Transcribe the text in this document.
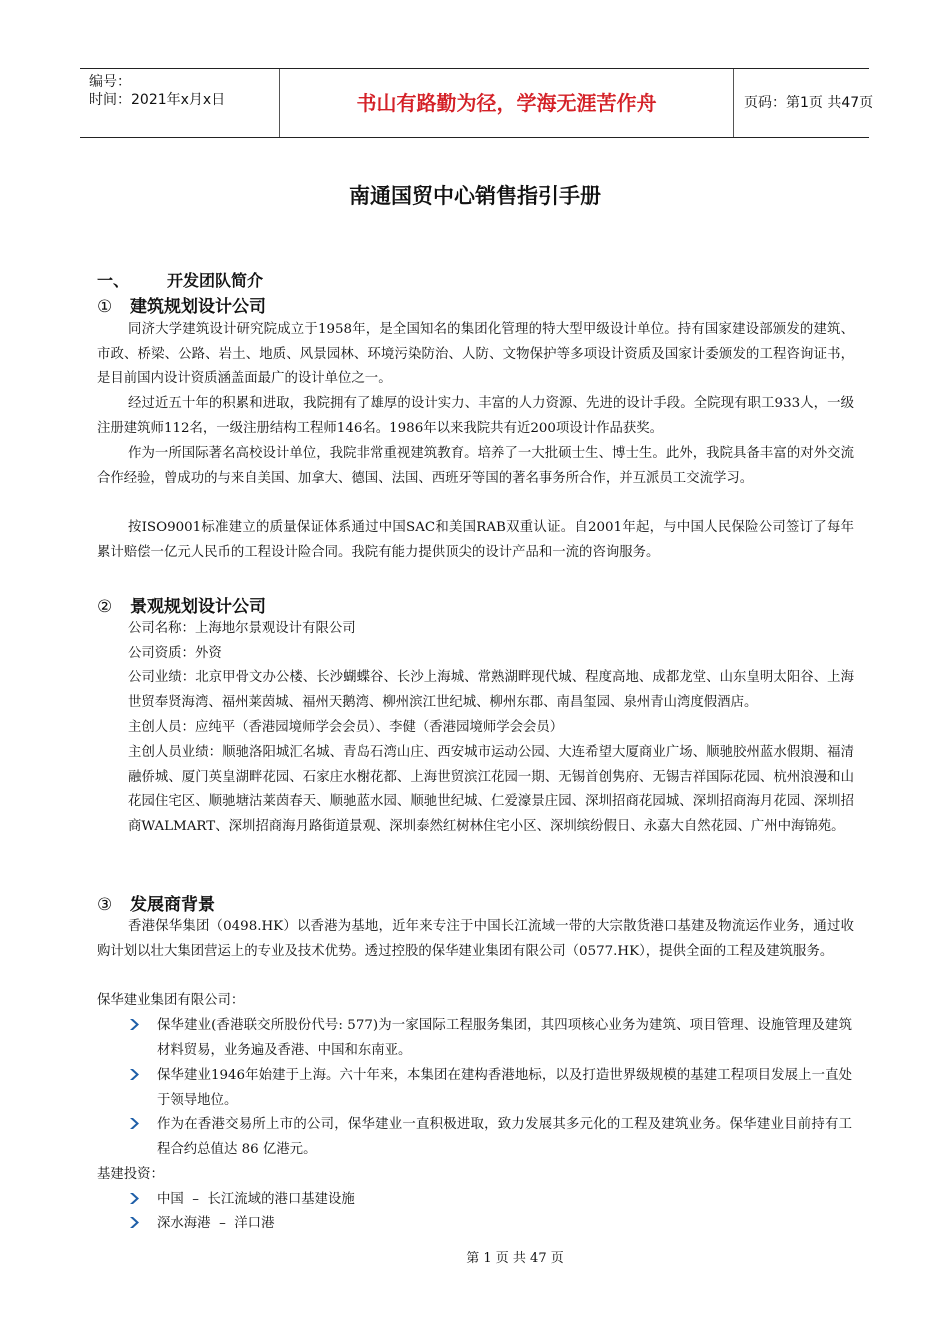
编号：
时间：2021年x月x日	书山有路勤为径，学海无涯苦作舟	页码：第1页 共47页
南通国贸中心销售指引手册
一、 开发团队简介
① 建筑规划设计公司
同济大学建筑设计研究院成立于1958年，是全国知名的集团化管理的特大型甲级设计单位。持有国家建设部颁发的建筑、市政、桥梁、公路、岩土、地质、风景园林、环境污染防治、人防、文物保护等多项设计资质及国家计委颁发的工程咨询证书，是目前国内设计资质涵盖面最广的设计单位之一。
经过近五十年的积累和进取，我院拥有了雄厚的设计实力、丰富的人力资源、先进的设计手段。全院现有职工933人，一级注册建筑师112名，一级注册结构工程师146名。1986年以来我院共有近200项设计作品获奖。
作为一所国际著名高校设计单位，我院非常重视建筑教育。培养了一大批硕士生、博士生。此外，我院具备丰富的对外交流合作经验，曾成功的与来自美国、加拿大、德国、法国、西班牙等国的著名事务所合作，并互派员工交流学习。
按ISO9001标准建立的质量保证体系通过中国SAC和美国RAB双重认证。自2001年起，与中国人民保险公司签订了每年累计赔偿一亿元人民币的工程设计险合同。我院有能力提供顶尖的设计产品和一流的咨询服务。
② 景观规划设计公司
公司名称：上海地尔景观设计有限公司
公司资质：外资
公司业绩：北京甲骨文办公楼、长沙蝴蝶谷、长沙上海城、常熟湖畔现代城、程度高地、成都龙堂、山东皇明太阳谷、上海世贸奉贤海湾、福州莱茵城、福州天鹅湾、柳州滨江世纪城、柳州东郡、南昌玺园、泉州青山湾度假酒店。
主创人员：应纯平（香港园境师学会会员）、李健（香港园境师学会会员）
主创人员业绩：顺驰洛阳城汇名城、青岛石湾山庄、西安城市运动公园、大连希望大厦商业广场、顺驰胶州蓝水假期、福清融侨城、厦门英皇湖畔花园、石家庄水榭花都、上海世贸滨江花园一期、无锡首创隽府、无锡吉祥国际花园、杭州浪漫和山花园住宅区、顺驰塘沽莱茵春天、顺驰蓝水园、顺驰世纪城、仁爱濠景庄园、深圳招商花园城、深圳招商海月花园、深圳招商WALMART、深圳招商海月路街道景观、深圳泰然红树林住宅小区、深圳缤纷假日、永嘉大自然花园、广州中海锦苑。
③ 发展商背景
香港保华集团（0498.HK）以香港为基地，近年来专注于中国长江流域一带的大宗散货港口基建及物流运作业务，通过收购计划以壮大集团营运上的专业及技术优势。透过控股的保华建业集团有限公司（0577.HK），提供全面的工程及建筑服务。
保华建业集团有限公司：
保华建业(香港联交所股份代号: 577)为一家国际工程服务集团，其四项核心业务为建筑、项目管理、设施管理及建筑材料贸易，业务遍及香港、中国和东南亚。
保华建业1946年始建于上海。六十年来，本集团在建构香港地标，以及打造世界级规模的基建工程项目发展上一直处于领导地位。
作为在香港交易所上市的公司，保华建业一直积极进取，致力发展其多元化的工程及建筑业务。保华建业目前持有工程合约总值达 86 亿港元。
基建投资：
中国  –  长江流域的港口基建设施
深水海港  –  洋口港
第 1 页 共 47 页
